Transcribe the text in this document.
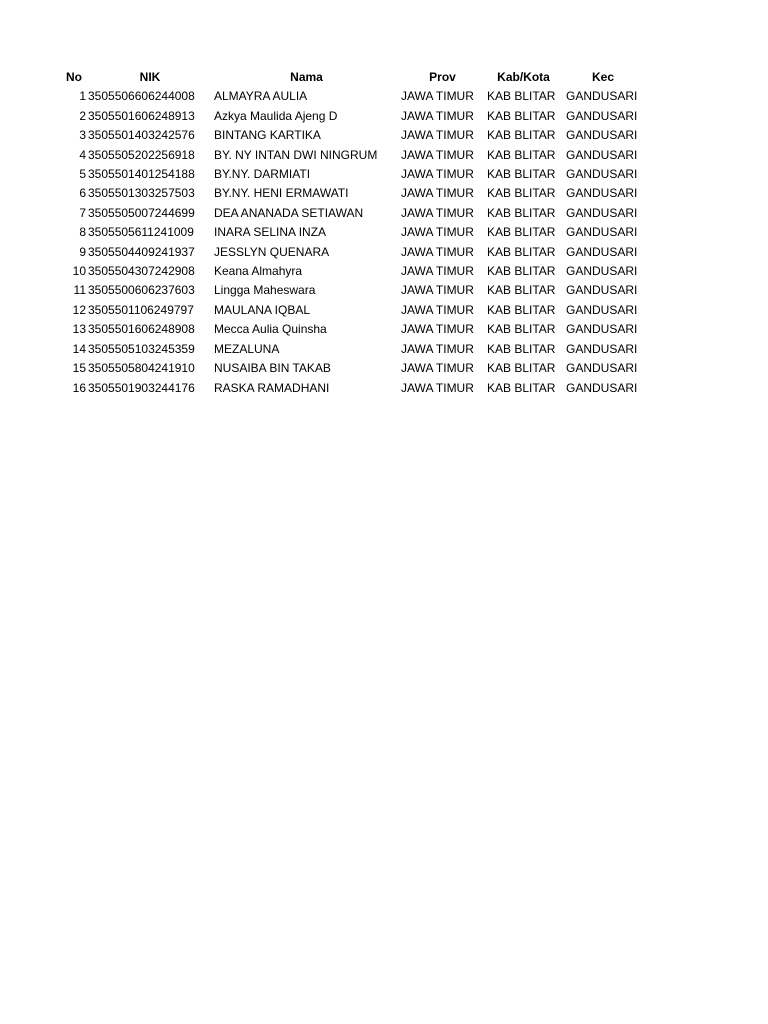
No	NIK	Nama	Prov	Kab/Kota	Kec
1	3505506606244008	ALMAYRA AULIA	JAWA TIMUR	KAB BLITAR	GANDUSARI
2	3505501606248913	Azkya Maulida Ajeng D	JAWA TIMUR	KAB BLITAR	GANDUSARI
3	3505501403242576	BINTANG KARTIKA	JAWA TIMUR	KAB BLITAR	GANDUSARI
4	3505505202256918	BY. NY INTAN DWI NINGRUM	JAWA TIMUR	KAB BLITAR	GANDUSARI
5	3505501401254188	BY.NY. DARMIATI	JAWA TIMUR	KAB BLITAR	GANDUSARI
6	3505501303257503	BY.NY. HENI ERMAWATI	JAWA TIMUR	KAB BLITAR	GANDUSARI
7	3505505007244699	DEA ANANADA SETIAWAN	JAWA TIMUR	KAB BLITAR	GANDUSARI
8	3505505611241009	INARA SELINA INZA	JAWA TIMUR	KAB BLITAR	GANDUSARI
9	3505504409241937	JESSLYN QUENARA	JAWA TIMUR	KAB BLITAR	GANDUSARI
10	3505504307242908	Keana Almahyra	JAWA TIMUR	KAB BLITAR	GANDUSARI
11	3505500606237603	Lingga Maheswara	JAWA TIMUR	KAB BLITAR	GANDUSARI
12	3505501106249797	MAULANA IQBAL	JAWA TIMUR	KAB BLITAR	GANDUSARI
13	3505501606248908	Mecca Aulia Quinsha	JAWA TIMUR	KAB BLITAR	GANDUSARI
14	3505505103245359	MEZALUNA	JAWA TIMUR	KAB BLITAR	GANDUSARI
15	3505505804241910	NUSAIBA BIN TAKAB	JAWA TIMUR	KAB BLITAR	GANDUSARI
16	3505501903244176	RASKA RAMADHANI	JAWA TIMUR	KAB BLITAR	GANDUSARI
